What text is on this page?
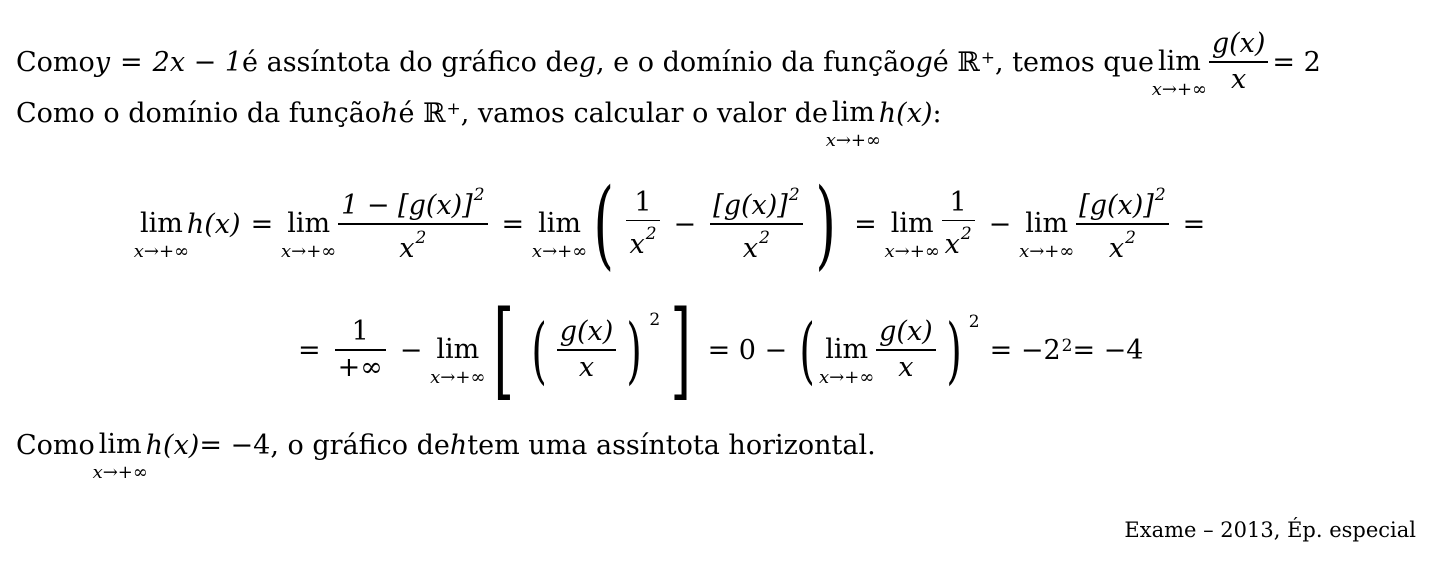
Como y = 2x − 1 é assíntota do gráfico de g , e o domínio da função g é ℝ + , temos que lim
$x\to+\infty \frac{g(x)}{x} = 2$
Como o domínio da função h é ℝ + , vamos calcular o valor de lim
x→+∞
h(x) :
lim
x→+∞
h(x) = lim
$x\to+\infty \frac{1 - [g(x)]^2}{x^2} = \lim$
x→+∞ ( $\frac{1}{x^2} - \frac{[g(x)]^2}{x^2}$ ) = lim
$x\to+\infty \frac{1}{x^2} - \lim$
$x\to+\infty \frac{[g(x)]^2}{x^2}$ =
= $\frac{1}{+\infty} - \lim$
x→+∞ [ ( $\frac{g(x)}{x}$ ) 2 ] = 0 − ( lim
$x\to+\infty \frac{g(x)}{x}$ ) 2
= −2 2 = −4
Como lim
x→+∞
h(x) = −4 , o gráfico de h tem uma assíntota horizontal.
Exame – 2013, Ép. especial
